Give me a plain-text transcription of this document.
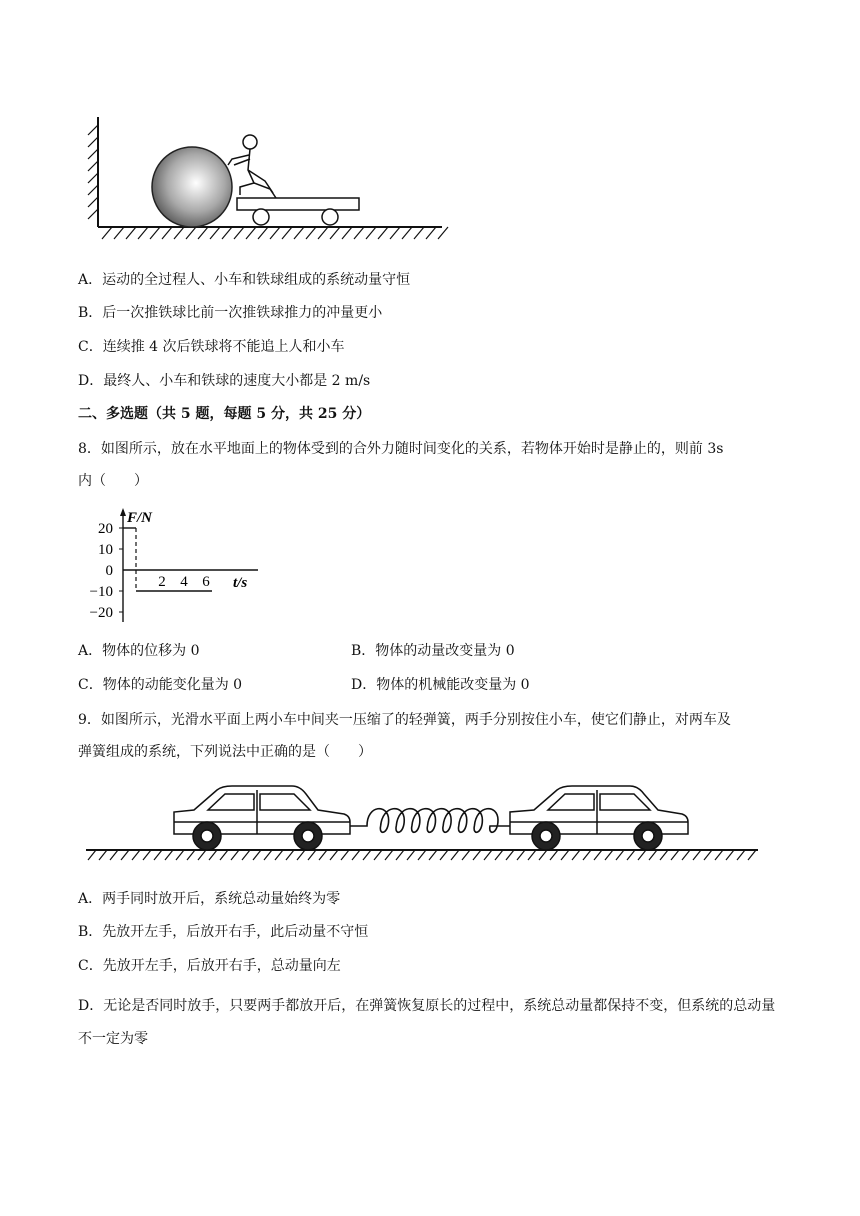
A．运动的全过程人、小车和铁球组成的系统动量守恒
B．后一次推铁球比前一次推铁球推力的冲量更小
C．连续推 4 次后铁球将不能追上人和小车
D．最终人、小车和铁球的速度大小都是 2 m/s
二、多选题（共 5 题，每题 5 分，共 25 分）
8．如图所示，放在水平地面上的物体受到的合外力随时间变化的关系，若物体开始时是静止的，则前 3s
内（　　）
20
10
0
−10
−20
2 4 6
F/N
t/s
A．物体的位移为 0	B．物体的动量改变量为 0
C．物体的动能变化量为 0	D．物体的机械能改变量为 0
9．如图所示，光滑水平面上两小车中间夹一压缩了的轻弹簧，两手分别按住小车，使它们静止，对两车及
弹簧组成的系统，下列说法中正确的是（　　）
A．两手同时放开后，系统总动量始终为零
B．先放开左手，后放开右手，此后动量不守恒
C．先放开左手，后放开右手，总动量向左
D．无论是否同时放手，只要两手都放开后，在弹簧恢复原长的过程中，系统总动量都保持不变，但系统的总动量不一定为零
